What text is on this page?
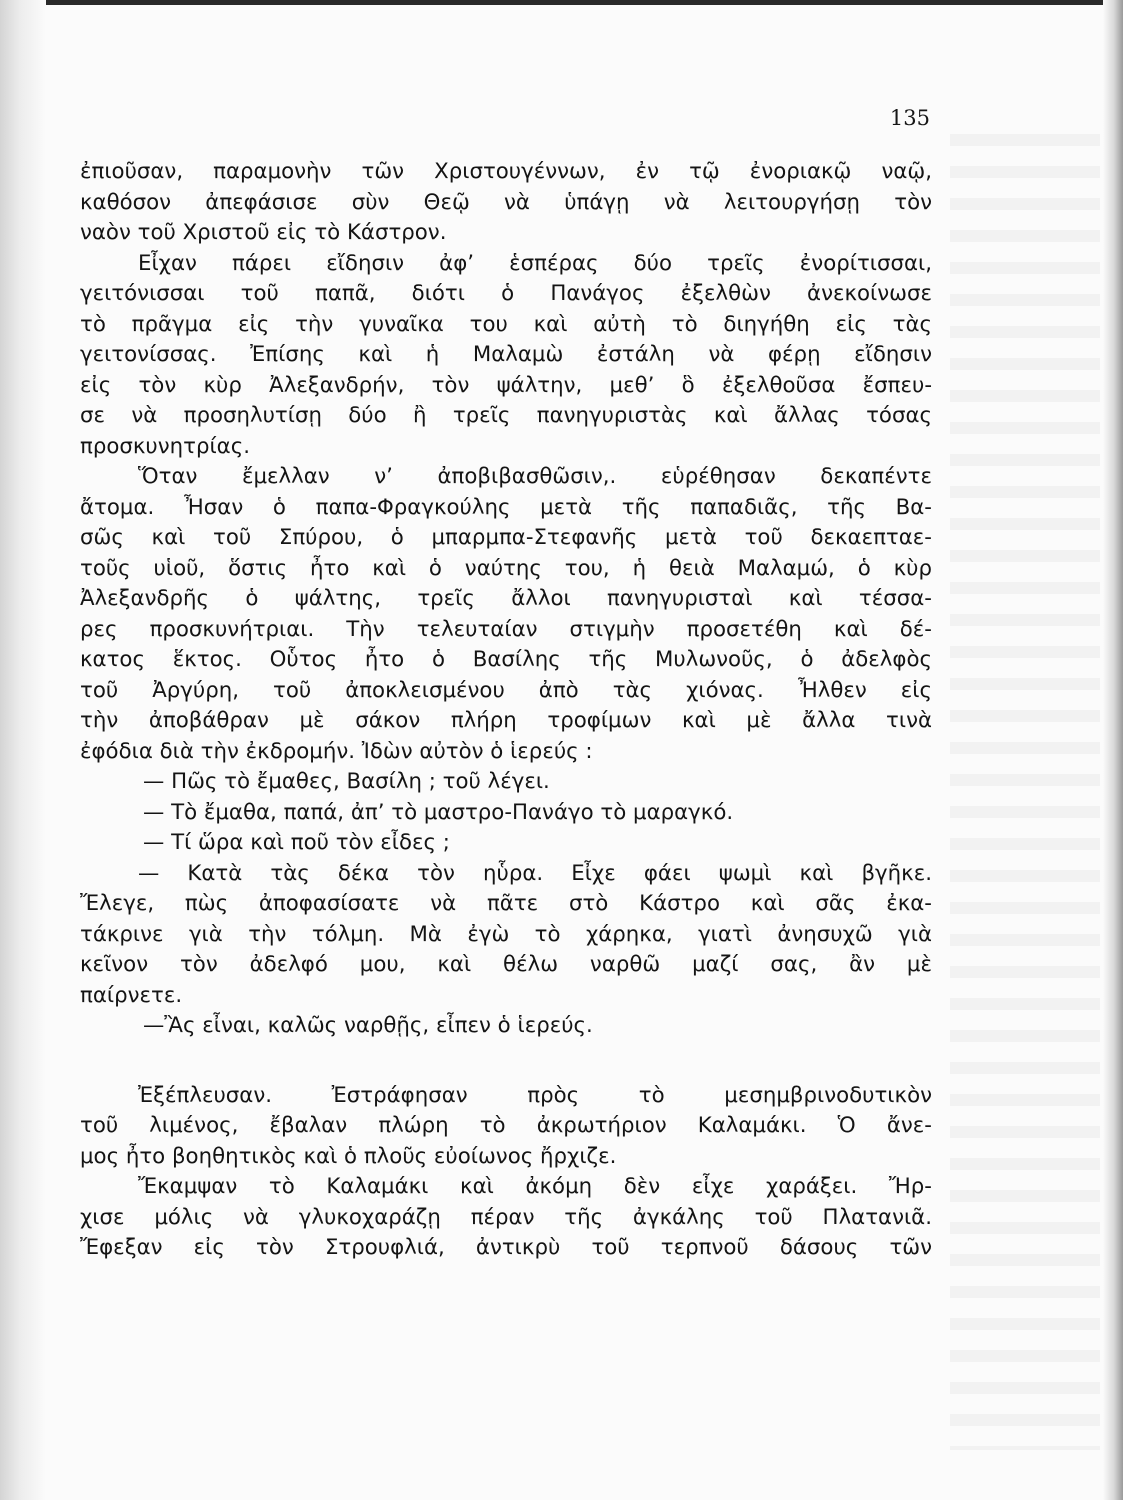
135
ἐπιοῦσαν, παραμονὴν τῶν Χριστουγέννων, ἐν τῷ ἐνοριακῷ ναῷ,
καθόσον ἀπεφάσισε σὺν Θεῷ νὰ ὑπάγῃ νὰ λειτουργήσῃ τὸν
ναὸν τοῦ Χριστοῦ εἰς τὸ Κάστρον.
Εἶχαν πάρει εἴδησιν ἀφ’ ἑσπέρας δύο τρεῖς ἐνορίτισσαι,
γειτόνισσαι τοῦ παπᾶ, διότι ὁ Πανάγος ἐξελθὼν ἀνεκοίνωσε
τὸ πρᾶγμα εἰς τὴν γυναῖκα του καὶ αὐτὴ τὸ διηγήθη εἰς τὰς
γειτονίσσας. Ἐπίσης καὶ ἡ Μαλαμὼ ἐστάλη νὰ φέρῃ εἴδησιν
εἰς τὸν κὺρ Ἀλεξανδρήν, τὸν ψάλτην, μεθ’ ὃ ἐξελθοῦσα ἔσπευ-
σε νὰ προσηλυτίσῃ δύο ἢ τρεῖς πανηγυριστὰς καὶ ἄλλας τόσας
προσκυνητρίας.
Ὅταν ἔμελλαν ν’ ἀποβιβασθῶσιν,. εὑρέθησαν δεκαπέντε
ἄτομα. Ἦσαν ὁ παπα-Φραγκούλης μετὰ τῆς παπαδιᾶς, τῆς Βα-
σῶς καὶ τοῦ Σπύρου, ὁ μπαρμπα-Στεφανῆς μετὰ τοῦ δεκαεπταε-
τοῦς υἱοῦ, ὅστις ἦτο καὶ ὁ ναύτης του, ἡ θειὰ Μαλαμώ, ὁ κὺρ
Ἀλεξανδρῆς ὁ ψάλτης, τρεῖς ἄλλοι πανηγυρισταὶ καὶ τέσσα-
ρες προσκυνήτριαι. Τὴν τελευταίαν στιγμὴν προσετέθη καὶ δέ-
κατος ἕκτος. Οὗτος ἦτο ὁ Βασίλης τῆς Μυλωνοῦς, ὁ ἀδελφὸς
τοῦ Ἀργύρη, τοῦ ἀποκλεισμένου ἀπὸ τὰς χιόνας. Ἦλθεν εἰς
τὴν ἀποβάθραν μὲ σάκον πλήρη τροφίμων καὶ μὲ ἄλλα τινὰ
ἐφόδια διὰ τὴν ἐκδρομήν. Ἰδὼν αὐτὸν ὁ ἱερεύς :
— Πῶς τὸ ἔμαθες, Βασίλη ; τοῦ λέγει.
— Τὸ ἔμαθα, παπά, ἀπ’ τὸ μαστρο-Πανάγο τὸ μαραγκό.
— Τί ὥρα καὶ ποῦ τὸν εἶδες ;
— Κατὰ τὰς δέκα τὸν ηὗρα. Εἶχε φάει ψωμὶ καὶ βγῆκε.
Ἔλεγε, πὼς ἀποφασίσατε νὰ πᾶτε στὸ Κάστρο καὶ σᾶς ἐκα-
τάκρινε γιὰ τὴν τόλμη. Μὰ ἐγὼ τὸ χάρηκα, γιατὶ ἀνησυχῶ γιὰ
κεῖνον τὸν ἀδελφό μου, καὶ θέλω ναρθῶ μαζί σας, ἂν μὲ
παίρνετε.
—Ἂς εἶναι, καλῶς ναρθῇς, εἶπεν ὁ ἱερεύς.
Ἐξέπλευσαν. Ἐστράφησαν πρὸς τὸ μεσημβρινοδυτικὸν
τοῦ λιμένος, ἔβαλαν πλώρη τὸ ἀκρωτήριον Καλαμάκι. Ὁ ἄνε-
μος ἦτο βοηθητικὸς καὶ ὁ πλοῦς εὐοίωνος ἤρχιζε.
Ἔκαμψαν τὸ Καλαμάκι καὶ ἀκόμη δὲν εἶχε χαράξει. Ἤρ-
χισε μόλις νὰ γλυκοχαράζῃ πέραν τῆς ἀγκάλης τοῦ Πλατανιᾶ.
Ἔφεξαν εἰς τὸν Στρουφλιά, ἀντικρὺ τοῦ τερπνοῦ δάσους τῶν
